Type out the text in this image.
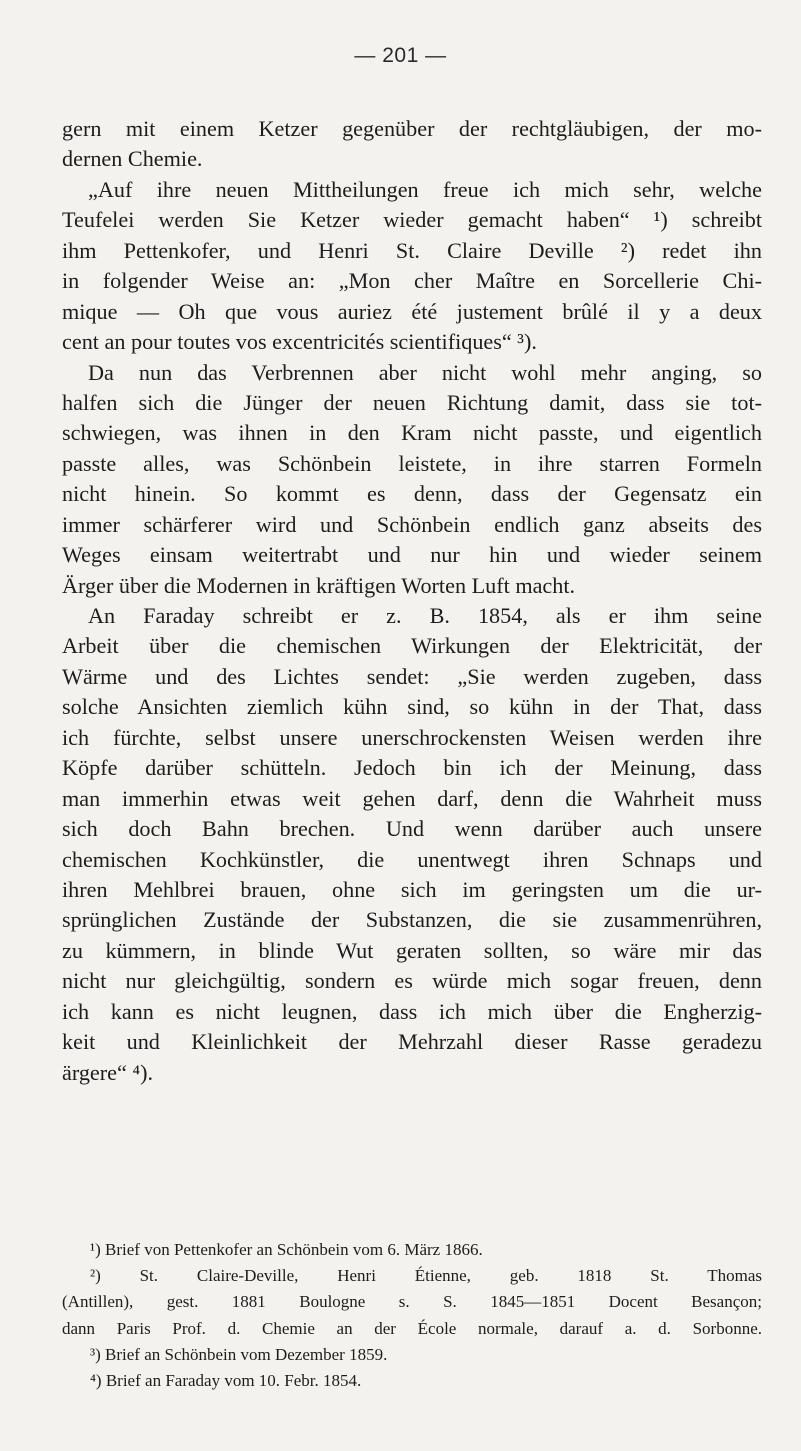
— 201 —
gern mit einem Ketzer gegenüber der rechtgläubigen, der mo-
dernen Chemie.
„Auf ihre neuen Mittheilungen freue ich mich sehr, welche
Teufelei werden Sie Ketzer wieder gemacht haben“ ¹) schreibt
ihm Pettenkofer, und Henri St. Claire Deville ²) redet ihn
in folgender Weise an: „Mon cher Maître en Sorcellerie Chi-
mique — Oh que vous auriez été justement brûlé il y a deux
cent an pour toutes vos excentricités scientifiques“ ³).
Da nun das Verbrennen aber nicht wohl mehr anging, so
halfen sich die Jünger der neuen Richtung damit, dass sie tot-
schwiegen, was ihnen in den Kram nicht passte, und eigentlich
passte alles, was Schönbein leistete, in ihre starren Formeln
nicht hinein. So kommt es denn, dass der Gegensatz ein
immer schärferer wird und Schönbein endlich ganz abseits des
Weges einsam weitertrabt und nur hin und wieder seinem
Ärger über die Modernen in kräftigen Worten Luft macht.
An Faraday schreibt er z. B. 1854, als er ihm seine
Arbeit über die chemischen Wirkungen der Elektricität, der
Wärme und des Lichtes sendet: „Sie werden zugeben, dass
solche Ansichten ziemlich kühn sind, so kühn in der That, dass
ich fürchte, selbst unsere unerschrockensten Weisen werden ihre
Köpfe darüber schütteln. Jedoch bin ich der Meinung, dass
man immerhin etwas weit gehen darf, denn die Wahrheit muss
sich doch Bahn brechen. Und wenn darüber auch unsere
chemischen Kochkünstler, die unentwegt ihren Schnaps und
ihren Mehlbrei brauen, ohne sich im geringsten um die ur-
sprünglichen Zustände der Substanzen, die sie zusammenrühren,
zu kümmern, in blinde Wut geraten sollten, so wäre mir das
nicht nur gleichgültig, sondern es würde mich sogar freuen, denn
ich kann es nicht leugnen, dass ich mich über die Engherzig-
keit und Kleinlichkeit der Mehrzahl dieser Rasse geradezu
ärgere“ ⁴).
¹) Brief von Pettenkofer an Schönbein vom 6. März 1866.
²) St. Claire-Deville, Henri Étienne, geb. 1818 St. Thomas
(Antillen), gest. 1881 Boulogne s. S. 1845—1851 Docent Besançon;
dann Paris Prof. d. Chemie an der École normale, darauf a. d. Sorbonne.
³) Brief an Schönbein vom Dezember 1859.
⁴) Brief an Faraday vom 10. Febr. 1854.
